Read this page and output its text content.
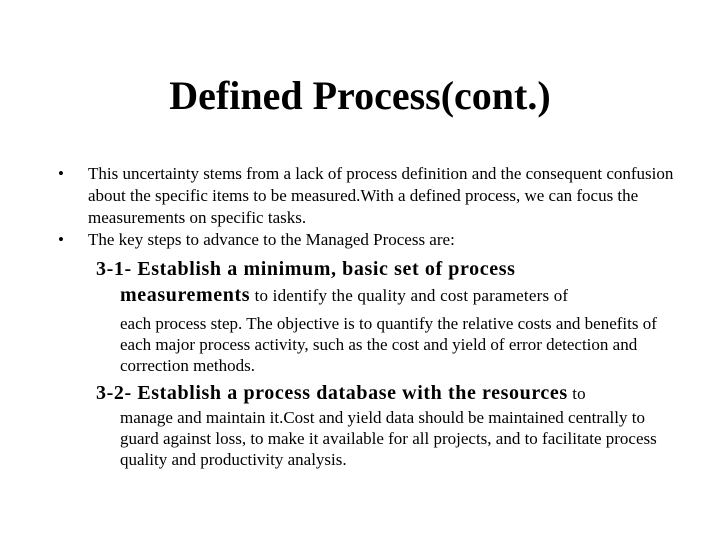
Defined Process(cont.)
•	This uncertainty stems from a lack of process definition and the consequent confusion about the specific items to be measured.With a defined process, we can focus the measurements on specific tasks.
•	The key steps to advance to the Managed Process are:
3-1- Establish a minimum, basic set of process
measurements to identify the quality and cost parameters of
each process step. The objective is to quantify the relative costs and benefits of each major process activity, such as the cost and yield of error detection and correction methods.
3-2- Establish a process database with the resources to
manage and maintain it.Cost and yield data should be maintained centrally to guard against loss, to make it available for all projects, and to facilitate process quality and productivity analysis.
